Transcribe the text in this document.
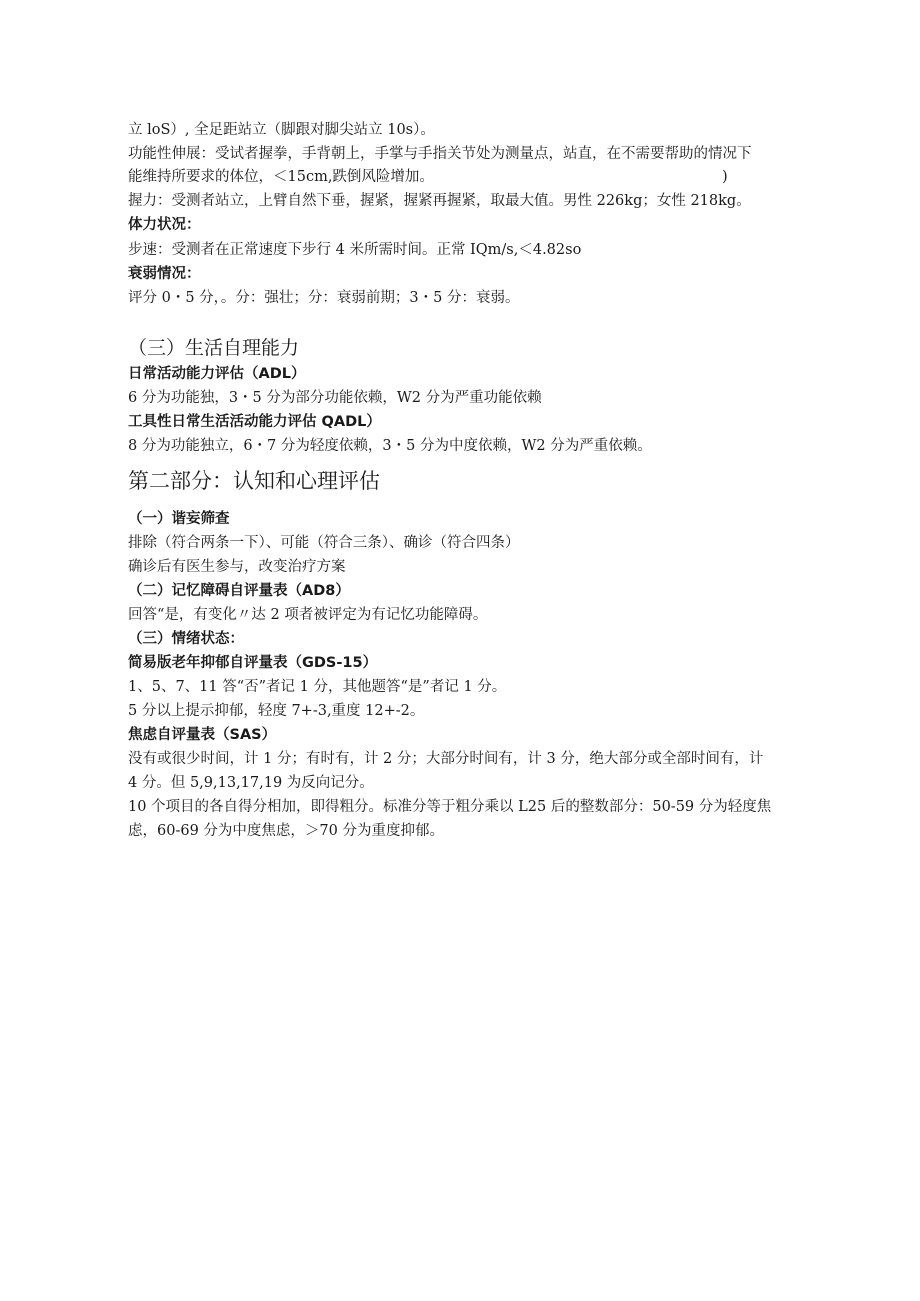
立 loS）, 全足距站立（脚跟对脚尖站立 10s）。
功能性伸展：受试者握拳，手背朝上，手掌与手指关节处为测量点，站直，在不需要帮助的情况下
能维持所要求的体位，＜15cm,跌倒风险增加。	)
握力：受测者站立，上臂自然下垂，握紧，握紧再握紧，取最大值。男性 226kg；女性 218kg。
体力状况：
步速：受测者在正常速度下步行 4 米所需时间。正常 IQm/s,＜4.82so
衰弱情况：
评分 0・5 分，。分：强壮；分：衰弱前期；3・5 分：衰弱。
（三）生活自理能力
日常活动能力评估（ADL）
6 分为功能独，3・5 分为部分功能依赖，W2 分为严重功能依赖
工具性日常生活活动能力评估 QADL）
8 分为功能独立，6・7 分为轻度依赖，3・5 分为中度依赖，W2 分为严重依赖。
第二部分：认知和心理评估
（一）谐妄筛查
排除（符合两条一下）、可能（符合三条）、确诊（符合四条）
确诊后有医生参与，改变治疗方案
（二）记忆障碍自评量表（AD8）
回答“是，有变化〃达 2 项者被评定为有记忆功能障碍。
（三）情绪状态：
简易版老年抑郁自评量表（GDS-15）
1、5、7、11 答“否”者记 1 分，其他题答“是”者记 1 分。
5 分以上提示抑郁，轻度 7+-3,重度 12+-2。
焦虑自评量表（SAS）
没有或很少时间，计 1 分；有时有，计 2 分；大部分时间有，计 3 分，绝大部分或全部时间有，计
4 分。但 5,9,13,17,19 为反向记分。
10 个项目的各自得分相加，即得粗分。标准分等于粗分乘以 L25 后的整数部分：50-59 分为轻度焦
虑，60-69 分为中度焦虑，＞70 分为重度抑郁。
